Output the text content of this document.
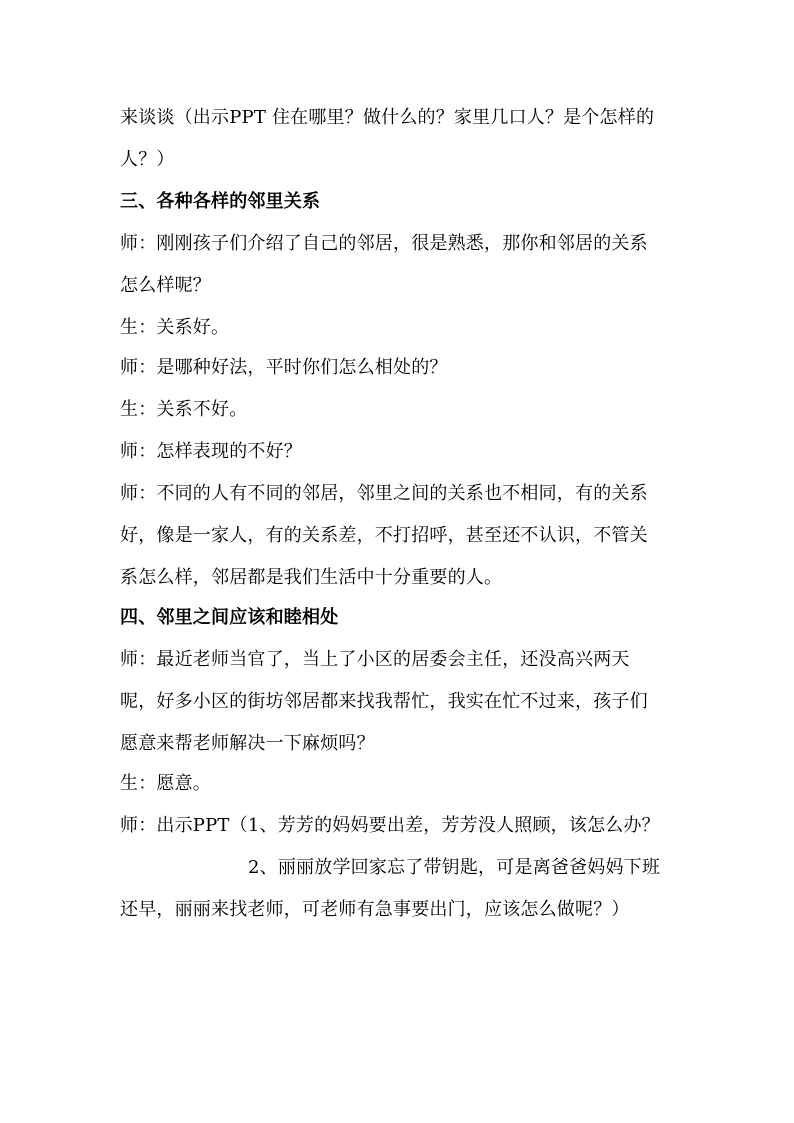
来谈谈（出示PPT 住在哪里？做什么的？家里几口人？是个怎样的
人？）
三、各种各样的邻里关系
师：刚刚孩子们介绍了自己的邻居，很是熟悉，那你和邻居的关系
怎么样呢？
生：关系好。
师：是哪种好法，平时你们怎么相处的？
生：关系不好。
师：怎样表现的不好？
师：不同的人有不同的邻居，邻里之间的关系也不相同，有的关系
好，像是一家人，有的关系差，不打招呼，甚至还不认识，不管关
系怎么样，邻居都是我们生活中十分重要的人。
四、邻里之间应该和睦相处
师：最近老师当官了，当上了小区的居委会主任，还没高兴两天
呢，好多小区的街坊邻居都来找我帮忙，我实在忙不过来，孩子们
愿意来帮老师解决一下麻烦吗？
生：愿意。
师：出示PPT（1、芳芳的妈妈要出差，芳芳没人照顾，该怎么办？
2、丽丽放学回家忘了带钥匙，可是离爸爸妈妈下班
还早，丽丽来找老师，可老师有急事要出门，应该怎么做呢？）
